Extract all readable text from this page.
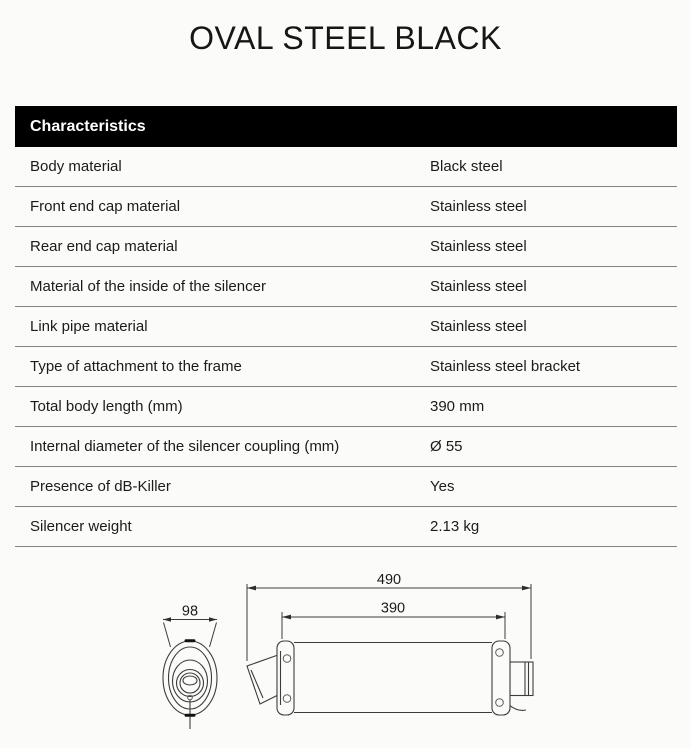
OVAL STEEL BLACK
Characteristics
Body material	Black steel
Front end cap material	Stainless steel
Rear end cap material	Stainless steel
Material of the inside of the silencer	Stainless steel
Link pipe material	Stainless steel
Type of attachment to the frame	Stainless steel bracket
Total body length (mm)	390 mm
Internal diameter of the silencer coupling (mm)	Ø 55
Presence of dB-Killer	Yes
Silencer weight	2.13 kg
98
490
390
